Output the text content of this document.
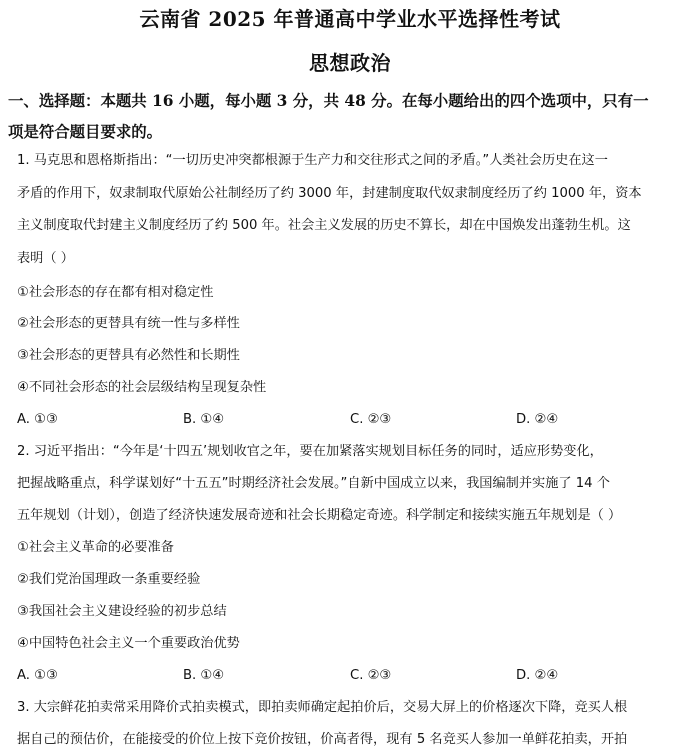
云南省 2025 年普通高中学业水平选择性考试
思想政治
一、选择题：本题共 16 小题，每小题 3 分，共 48 分。在每小题给出的四个选项中，只有一
项是符合题目要求的。
1. 马克思和恩格斯指出：“一切历史冲突都根源于生产力和交往形式之间的矛盾。”人类社会历史在这一
矛盾的作用下，奴隶制取代原始公社制经历了约 3000 年，封建制度取代奴隶制度经历了约 1000 年，资本
主义制度取代封建主义制度经历了约 500 年。社会主义发展的历史不算长，却在中国焕发出蓬勃生机。这
表明（ ）
①社会形态的存在都有相对稳定性
②社会形态的更替具有统一性与多样性
③社会形态的更替具有必然性和长期性
④不同社会形态的社会层级结构呈现复杂性
A. ①③	B. ①④	C. ②③	D. ②④
2. 习近平指出：“今年是‘十四五’规划收官之年，要在加紧落实规划目标任务的同时，适应形势变化，
把握战略重点，科学谋划好“十五五”时期经济社会发展。”自新中国成立以来，我国编制并实施了 14 个
五年规划（计划），创造了经济快速发展奇迹和社会长期稳定奇迹。科学制定和接续实施五年规划是（ ）
①社会主义革命的必要准备
②我们党治国理政一条重要经验
③我国社会主义建设经验的初步总结
④中国特色社会主义一个重要政治优势
A. ①③	B. ①④	C. ②③	D. ②④
3. 大宗鲜花拍卖常采用降价式拍卖模式，即拍卖师确定起拍价后，交易大屏上的价格逐次下降，竞买人根
据自己的预估价，在能接受的价位上按下竞价按钮，价高者得，现有 5 名竞买人参加一单鲜花拍卖，开拍
